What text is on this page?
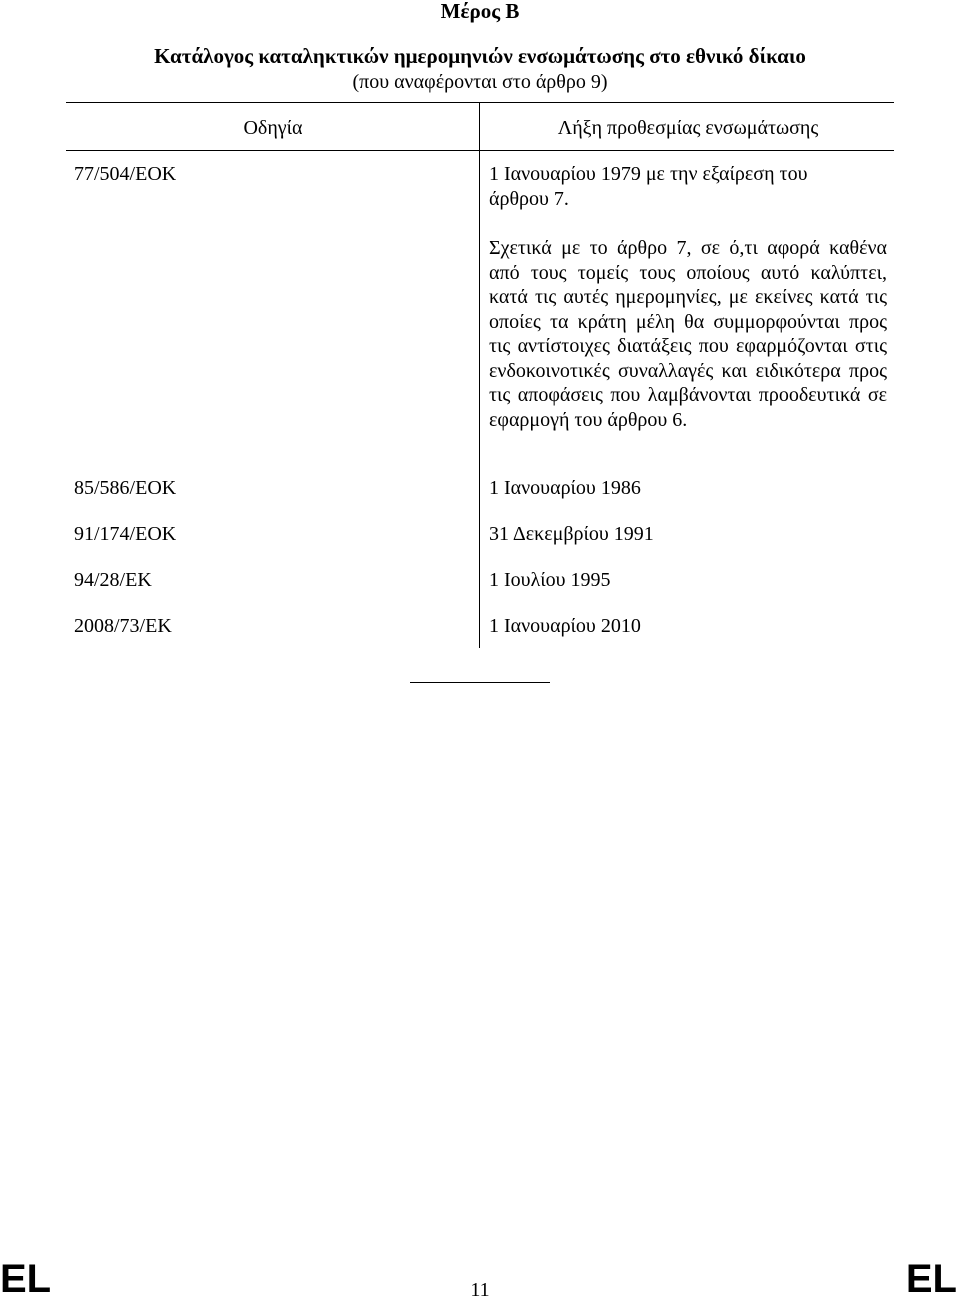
Μέρος Β
Κατάλογος καταληκτικών ημερομηνιών ενσωμάτωσης στο εθνικό δίκαιο
(που αναφέρονται στο άρθρο 9)
Οδηγία	Λήξη προθεσμίας ενσωμάτωσης
77/504/ΕΟΚ	1 Ιανουαρίου 1979 με την εξαίρεση του άρθρου 7.
Σχετικά με το άρθρο 7, σε ό,τι αφορά καθένα από τους τομείς τους οποίους αυτό καλύπτει, κατά τις αυτές ημερομηνίες, με εκείνες κατά τις οποίες τα κράτη μέλη θα συμμορφούνται προς τις αντίστοιχες διατάξεις που εφαρμόζονται στις ενδοκοινοτικές συναλλαγές και ειδικότερα προς τις αποφάσεις που λαμβάνονται προοδευτικά σε εφαρμογή του άρθρου 6.
85/586/ΕΟΚ	1 Ιανουαρίου 1986
91/174/ΕΟΚ	31 Δεκεμβρίου 1991
94/28/ΕΚ	1 Ιουλίου 1995
2008/73/ΕΚ	1 Ιανουαρίου 2010
EL	11	EL
